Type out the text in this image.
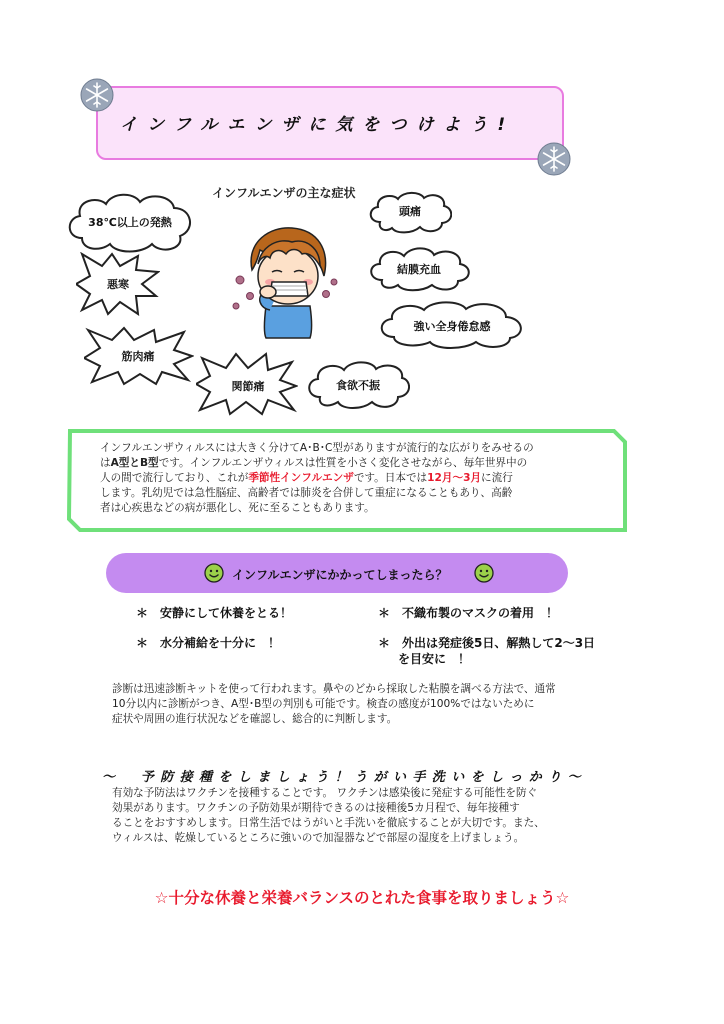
インフルエンザに気をつけよう!
インフルエンザの主な症状
38℃以上の発熱
頭痛
結膜充血
強い全身倦怠感
食欲不振
悪寒
筋肉痛
関節痛
インフルエンザウィルスには大きく分けてA･B･C型がありますが流行的な広がりをみせるの
はA型とB型です。インフルエンザウィルスは性質を小さく変化させながら、毎年世界中の
人の間で流行しており、これが季節性インフルエンザです。日本では12月～3月に流行
します。乳幼児では急性脳症、高齢者では肺炎を合併して重症になることもあり、高齢
者は心疾患などの病が悪化し、死に至ることもあります。
インフルエンザにかかってしまったら？
＊　安静にして休養をとる！
＊　水分補給を十分に　！
＊　不織布製のマスクの着用　！
＊　外出は発症後5日、解熱して2～3日
を目安に　！
診断は迅速診断キットを使って行われます。鼻やのどから採取した粘膜を調べる方法で、通常
10分以内に診断がつき、A型･B型の判別も可能です。検査の感度が100%ではないために
症状や周囲の進行状況などを確認し、総合的に判断します。
～　予防接種をしましょう！うがい手洗いをしっかり～
有効な予防法はワクチンを接種することです。 ワクチンは感染後に発症する可能性を防ぐ
効果があります。ワクチンの予防効果が期待できるのは接種後5カ月程で、毎年接種す
ることをおすすめします。日常生活ではうがいと手洗いを徹底することが大切です。また、
ウィルスは、乾燥しているところに強いので加湿器などで部屋の湿度を上げましょう。
☆十分な休養と栄養バランスのとれた食事を取りましょう☆
